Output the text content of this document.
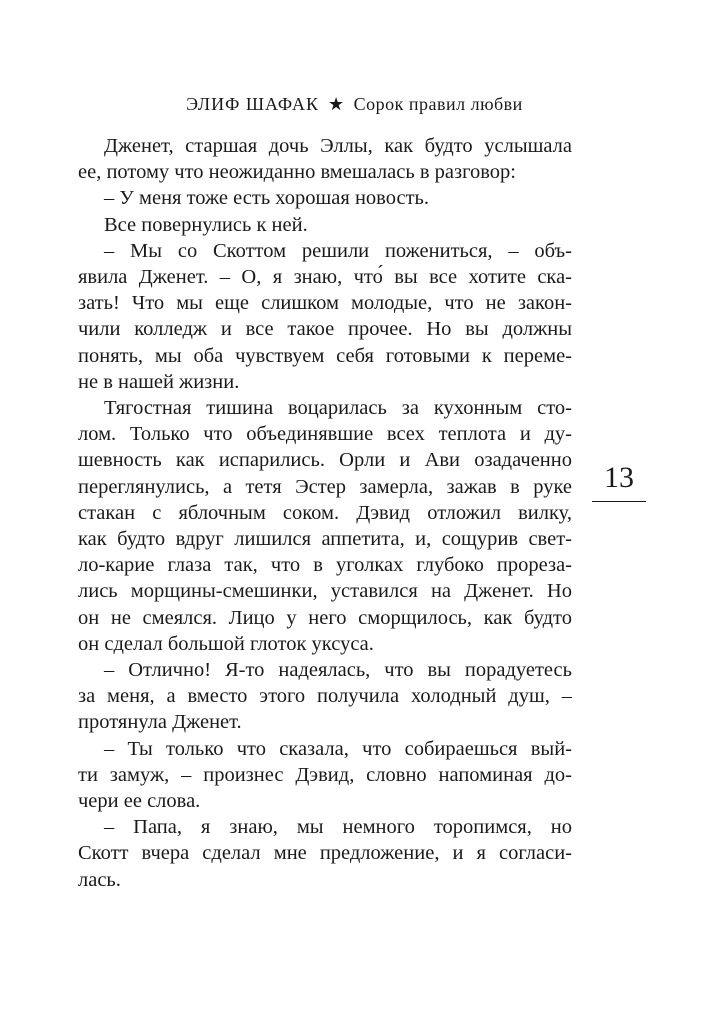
ЭЛИФ ШАФАК ★ Сорок правил любви
Дженет, старшая дочь Эллы, как будто услышала
ее, потому что неожиданно вмешалась в разговор:
– У меня тоже есть хорошая новость.
Все повернулись к ней.
– Мы со Скоттом решили пожениться, – объ-
явила Дженет. – О, я знаю, что́ вы все хотите ска-
зать! Что мы еще слишком молодые, что не закон-
чили колледж и все такое прочее. Но вы должны
понять, мы оба чувствуем себя готовыми к переме-
не в нашей жизни.
Тягостная тишина воцарилась за кухонным сто-
лом. Только что объединявшие всех теплота и ду-
шевность как испарились. Орли и Ави озадаченно
переглянулись, а тетя Эстер замерла, зажав в руке
стакан с яблочным соком. Дэвид отложил вилку,
как будто вдруг лишился аппетита, и, сощурив свет-
ло-карие глаза так, что в уголках глубоко прореза-
лись морщины-смешинки, уставился на Дженет. Но
он не смеялся. Лицо у него сморщилось, как будто
он сделал большой глоток уксуса.
– Отлично! Я-то надеялась, что вы порадуетесь
за меня, а вместо этого получила холодный душ, –
протянула Дженет.
– Ты только что сказала, что собираешься вый-
ти замуж, – произнес Дэвид, словно напоминая до-
чери ее слова.
– Папа, я знаю, мы немного торопимся, но
Скотт вчера сделал мне предложение, и я согласи-
лась.
13
